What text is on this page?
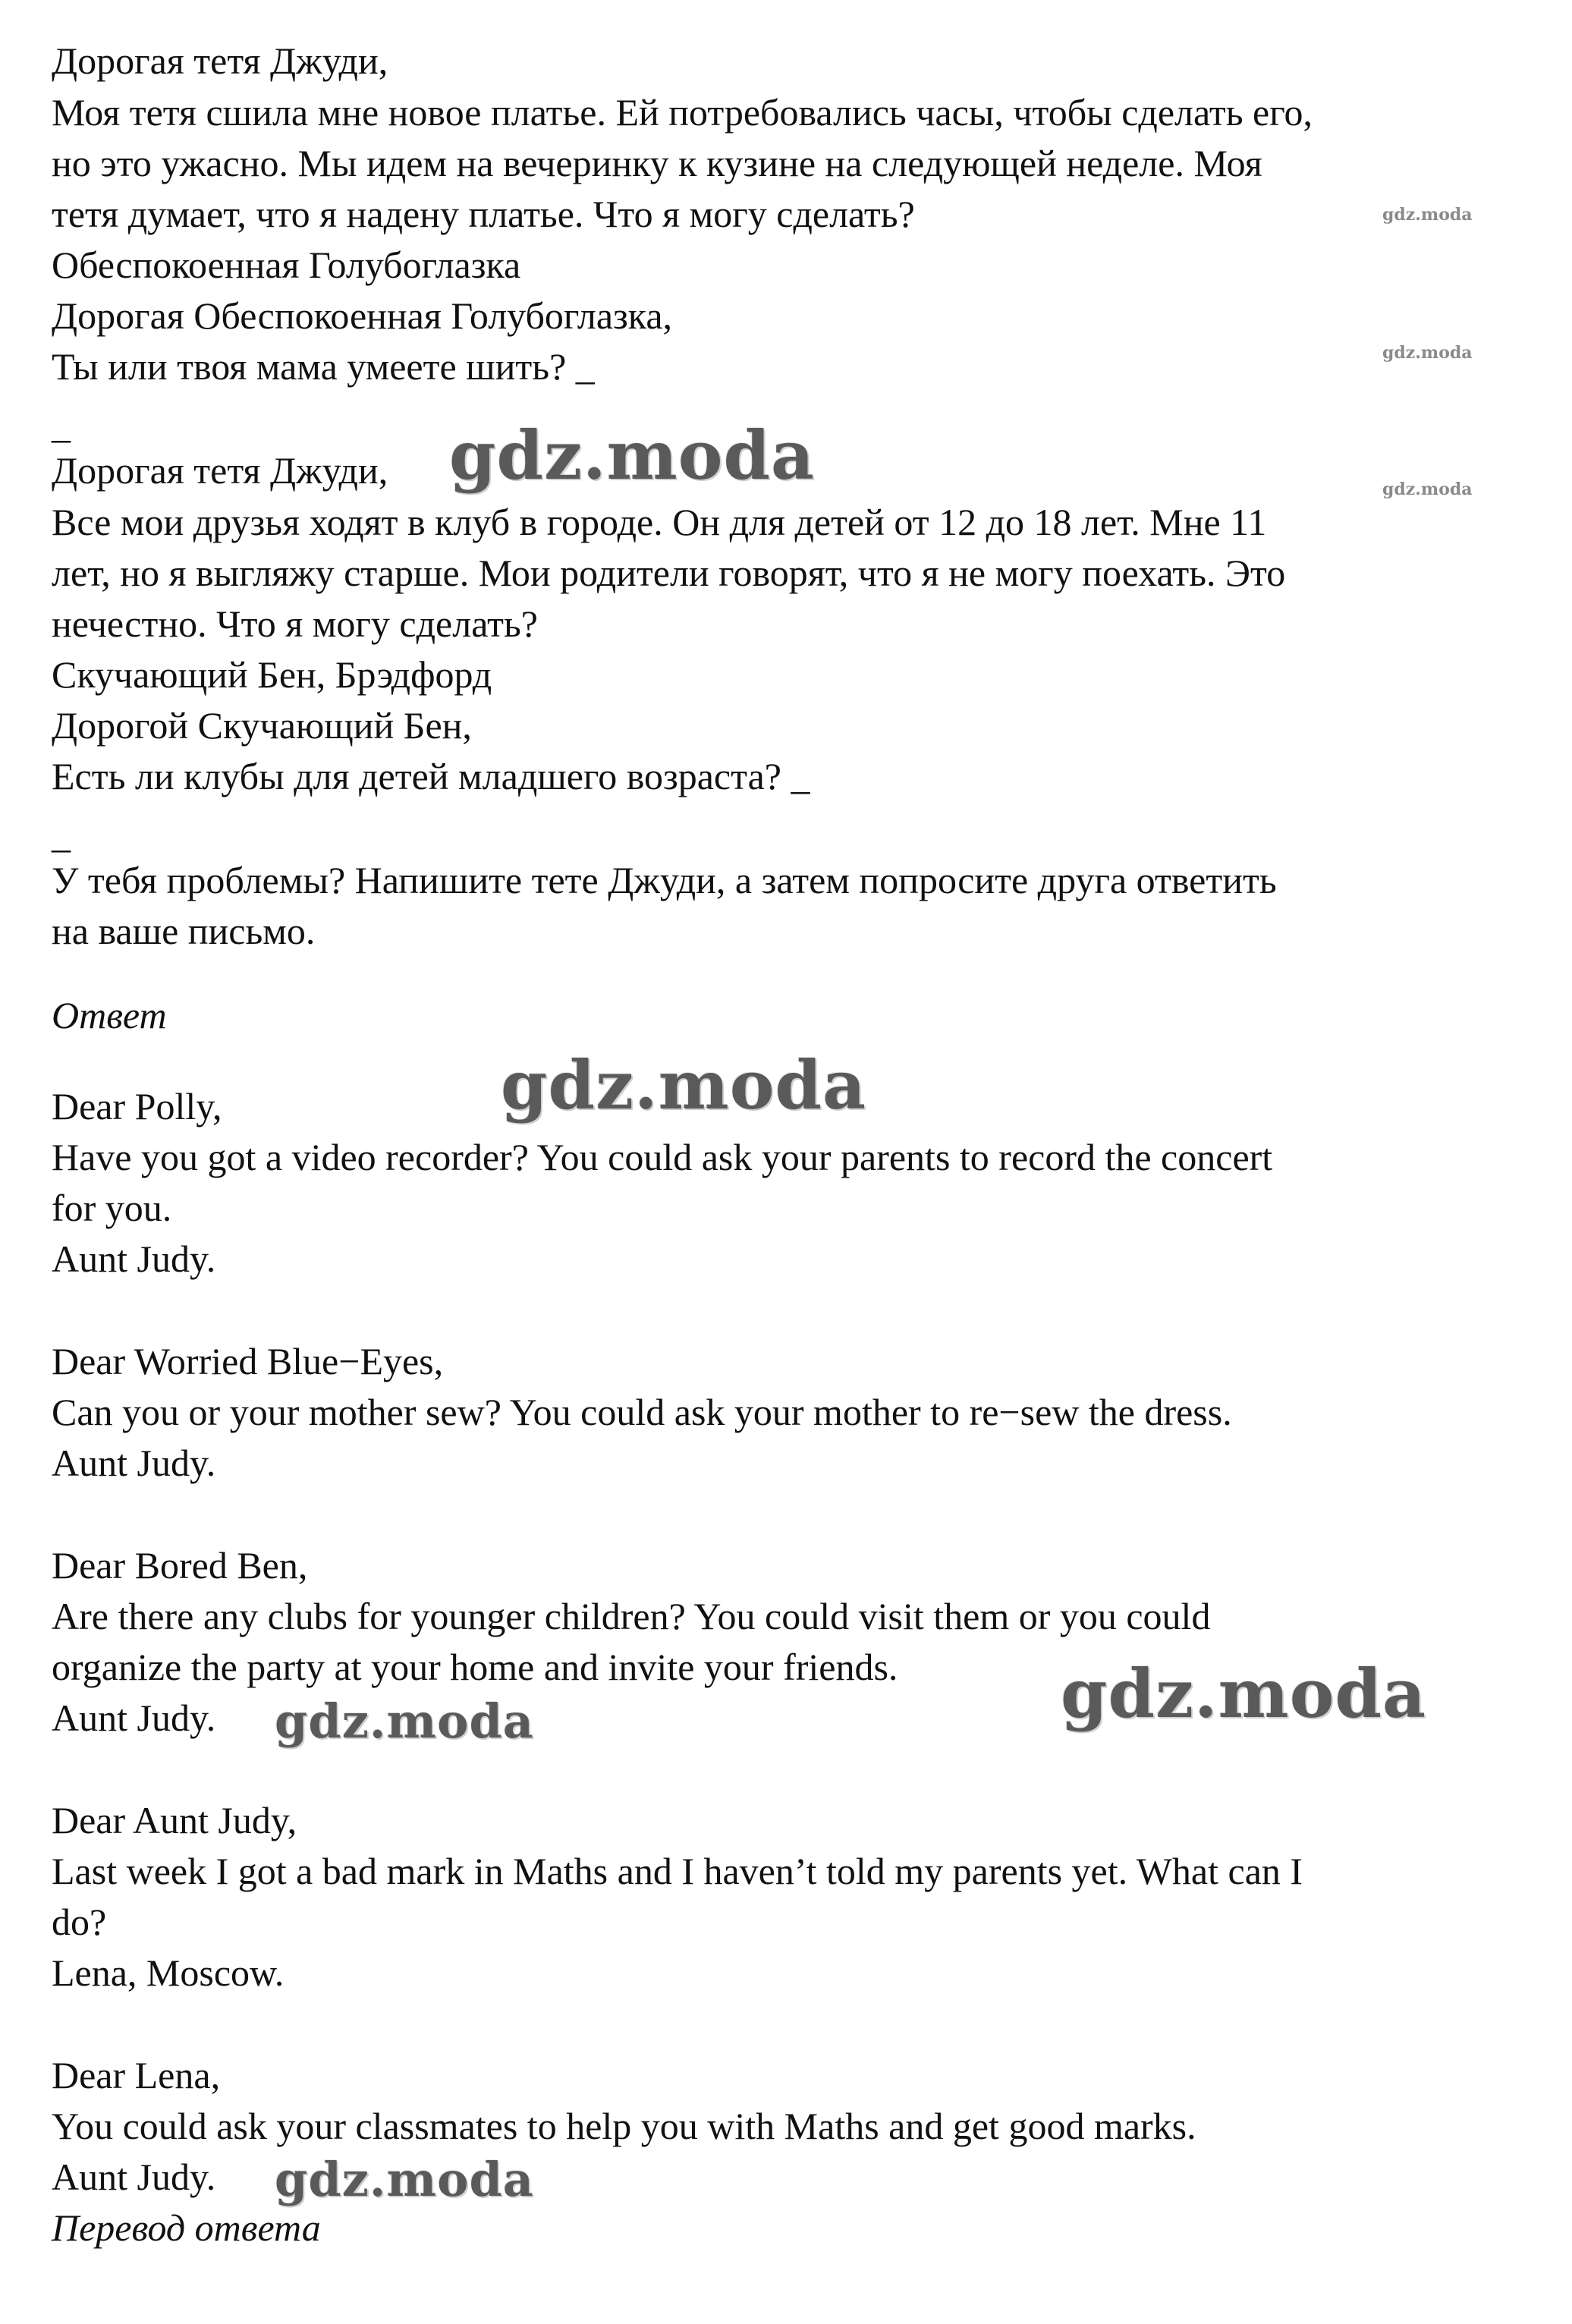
Дорогая тетя Джуди,
Моя тетя сшила мне новое платье. Ей потребовались часы, чтобы сделать его,
но это ужасно. Мы идем на вечеринку к кузине на следующей неделе. Моя
тетя думает, что я надену платье. Что я могу сделать?
Обеспокоенная Голубоглазка
Дорогая Обеспокоенная Голубоглазка,
Ты или твоя мама умеете шить? _
_
Дорогая тетя Джуди,
Все мои друзья ходят в клуб в городе. Он для детей от 12 до 18 лет. Мне 11
лет, но я выгляжу старше. Мои родители говорят, что я не могу поехать. Это
нечестно. Что я могу сделать?
Скучающий Бен, Брэдфорд
Дорогой Скучающий Бен,
Есть ли клубы для детей младшего возраста? _
_
У тебя проблемы? Напишите тете Джуди, а затем попросите друга ответить
на ваше письмо.
Ответ
Dear Polly,
Have you got a video recorder? You could ask your parents to record the concert
for you.
Aunt Judy.
Dear Worried Blue−Eyes,
Can you or your mother sew? You could ask your mother to re−sew the dress.
Aunt Judy.
Dear Bored Ben,
Are there any clubs for younger children? You could visit them or you could
organize the party at your home and invite your friends.
Aunt Judy.
Dear Aunt Judy,
Last week I got a bad mark in Maths and I haven’t told my parents yet. What can I
do?
Lena, Moscow.
Dear Lena,
You could ask your classmates to help you with Maths and get good marks.
Aunt Judy.
Перевод ответа
gdz.moda
gdz.moda
gdz.moda
gdz.moda
gdz.moda
gdz.moda
gdz.moda
gdz.moda
